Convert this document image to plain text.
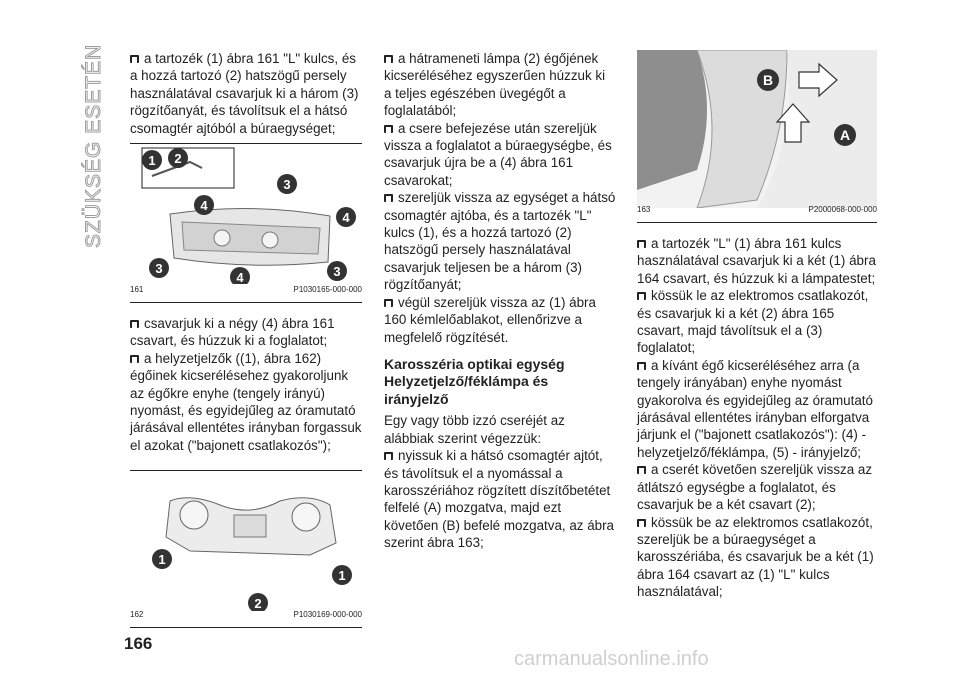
SZÜKSÉG ESETÉN	a tartozék (1) ábra 161 "L" kulcs, és a hozzá tartozó (2) hatszögű persely használatával csavarjuk ki a három (3) rögzítőanyát, és távolítsuk el a hátsó csomagtér ajtóból a búraegységet;

1 2
3
4
4
3
4	3
161	P1030165-000-000

csavarjuk ki a négy (4) ábra 161 csavart, és húzzuk ki a foglalatot;

a helyzetjelzők ((1), ábra 162) égőinek kicserélésehez gyakoroljunk az égőkre enyhe (tengely irányú) nyomást, és egyidejűleg az óramutató járásával ellentétes irányban forgassuk el azokat ("bajonett csatlakozós");

1
1
2
162	P1030169-000-000

a hátrameneti lámpa (2) égőjének kicseréléséhez egyszerűen húzzuk ki a teljes egészében üvegégőt a foglalatából;

a csere befejezése után szereljük vissza a foglalatot a búraegységbe, és csavarjuk újra be a (4) ábra 161 csavarokat;

szereljük vissza az egységet a hátsó csomagtér ajtóba, és a tartozék "L" kulcs (1), és a hozzá tartozó (2) hatszögű persely használatával csavarjuk teljesen be a három (3) rögzítőanyát;

végül szereljük vissza az (1) ábra 160 kémlelőablakot, ellenőrizve a megfelelő rögzítését.

Karosszéria optikai egység Helyzetjelző/féklámpa és irányjelző

Egy vagy több izzó cseréjét az alábbiak szerint végezzük:

nyissuk ki a hátsó csomagtér ajtót, és távolítsuk el a nyomással a karosszériához rögzített díszítőbetétet felfelé (A) mozgatva, majd ezt követően (B) befelé mozgatva, az ábra szerint ábra 163;

B
A
163	P2000068-000-000

a tartozék "L" (1) ábra 161 kulcs használatával csavarjuk ki a két (1) ábra 164 csavart, és húzzuk ki a lámpatestet;

kössük le az elektromos csatlakozót, és csavarjuk ki a két (2) ábra 165 csavart, majd távolítsuk el a (3) foglalatot;

a kívánt égő kicseréléséhez arra (a tengely irányában) enyhe nyomást gyakorolva és egyidejűleg az óramutató járásával ellentétes irányban elforgatva járjunk el ("bajonett csatlakozós"): (4) - helyzetjelző/féklámpa, (5) - irányjelző;

a cserét követően szereljük vissza az átlátszó egységbe a foglalatot, és csavarjuk be a két csavart (2);

kössük be az elektromos csatlakozót, szereljük be a búraegységet a karosszériába, és csavarjuk be a két (1) ábra 164 csavart az (1) "L" kulcs használatával;

166
carmanualsonline.info
